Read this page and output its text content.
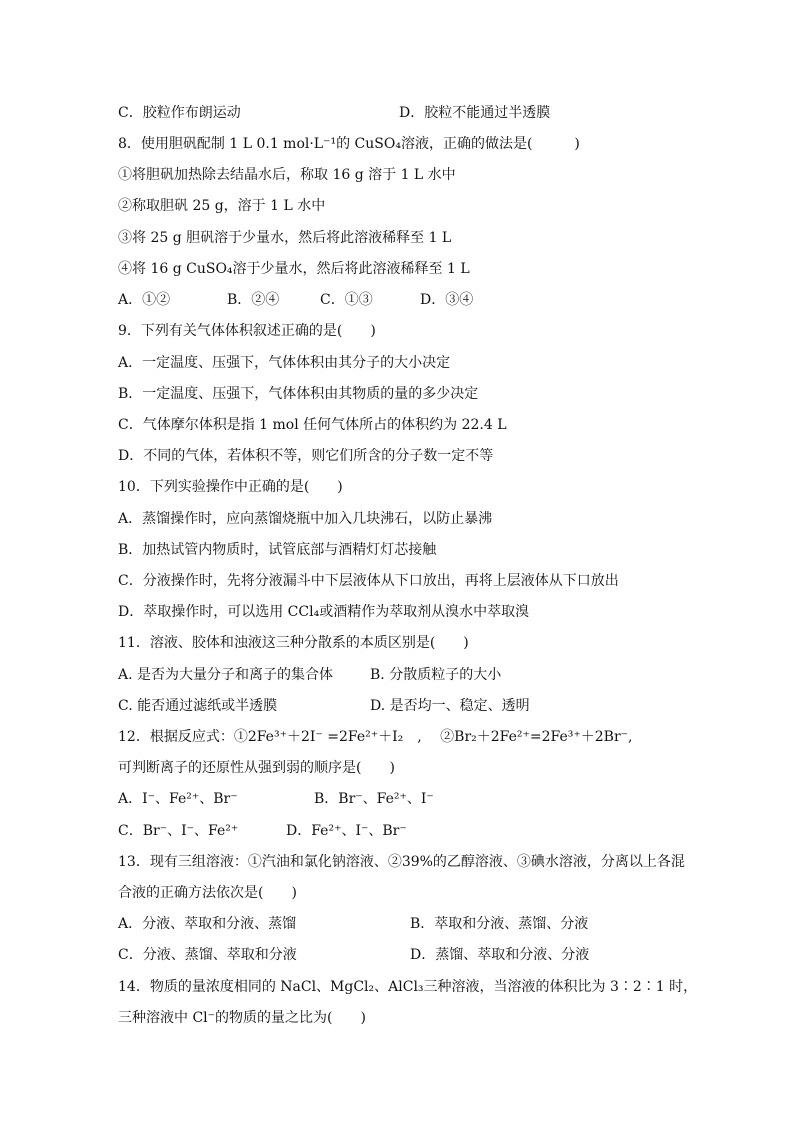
C．胶粒作布朗运动	D．胶粒不能通过半透膜
8．使用胆矾配制 1 L 0.1 mol·L⁻¹的 CuSO₄溶液，正确的做法是(　　　)
①将胆矾加热除去结晶水后，称取 16 g 溶于 1 L 水中
②称取胆矾 25 g，溶于 1 L 水中
③将 25 g 胆矾溶于少量水，然后将此溶液稀释至 1 L
④将 16 g CuSO₄溶于少量水，然后将此溶液稀释至 1 L
A．①②	B．②④	C．①③	D．③④
9．下列有关气体体积叙述正确的是(　　)
A．一定温度、压强下，气体体积由其分子的大小决定
B．一定温度、压强下，气体体积由其物质的量的多少决定
C．气体摩尔体积是指 1 mol 任何气体所占的体积约为 22.4 L
D．不同的气体，若体积不等，则它们所含的分子数一定不等
10．下列实验操作中正确的是(　　)
A．蒸馏操作时，应向蒸馏烧瓶中加入几块沸石，以防止暴沸
B．加热试管内物质时，试管底部与酒精灯灯芯接触
C．分液操作时，先将分液漏斗中下层液体从下口放出，再将上层液体从下口放出
D．萃取操作时，可以选用 CCl₄或酒精作为萃取剂从溴水中萃取溴
11．溶液、胶体和浊液这三种分散系的本质区别是(　　)
A. 是否为大量分子和离子的集合体	B. 分散质粒子的大小
C. 能否通过滤纸或半透膜	D. 是否均一、稳定、透明
12．根据反应式：①2Fe³⁺＋2I⁻ =2Fe²⁺＋I₂　,　 ②Br₂＋2Fe²⁺=2Fe³⁺＋2Br⁻,
可判断离子的还原性从强到弱的顺序是(　　)
A．I⁻、Fe²⁺、Br⁻	B．Br⁻、Fe²⁺、I⁻
C．Br⁻、I⁻、Fe²⁺	D．Fe²⁺、I⁻、Br⁻
13．现有三组溶液：①汽油和氯化钠溶液、②39%的乙醇溶液、③碘水溶液，分离以上各混
合液的正确方法依次是(　　)
A．分液、萃取和分液、蒸馏	B．萃取和分液、蒸馏、分液
C．分液、蒸馏、萃取和分液	D．蒸馏、萃取和分液、分液
14．物质的量浓度相同的 NaCl、MgCl₂、AlCl₃三种溶液，当溶液的体积比为 3∶2∶1 时，
三种溶液中 Cl⁻的物质的量之比为(　　)
